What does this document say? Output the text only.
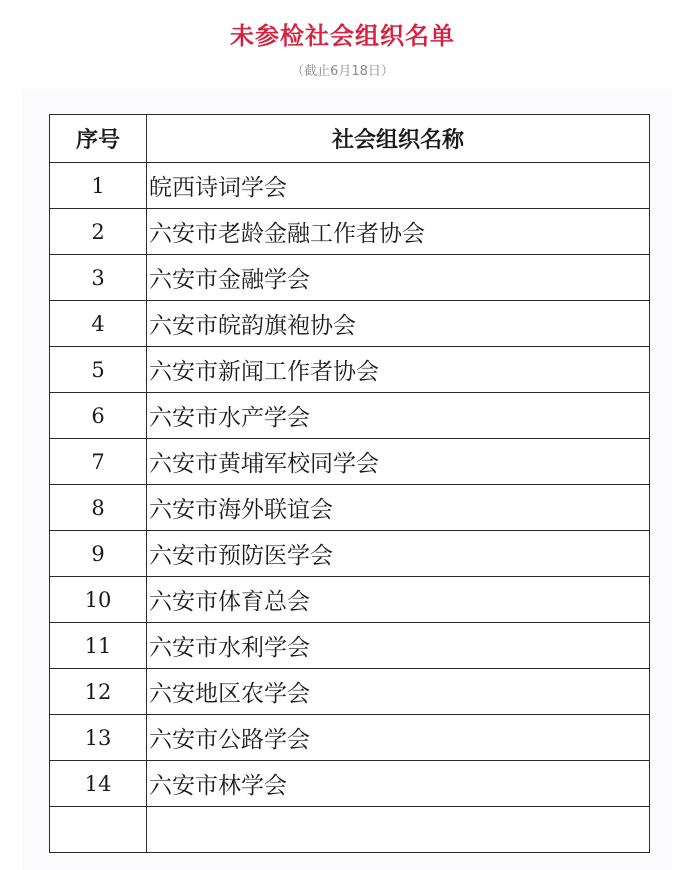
未参检社会组织名单
（截止6月18日）
序号	社会组织名称
1	皖西诗词学会
2	六安市老龄金融工作者协会
3	六安市金融学会
4	六安市皖韵旗袍协会
5	六安市新闻工作者协会
6	六安市水产学会
7	六安市黄埔军校同学会
8	六安市海外联谊会
9	六安市预防医学会
10	六安市体育总会
11	六安市水利学会
12	六安地区农学会
13	六安市公路学会
14	六安市林学会
